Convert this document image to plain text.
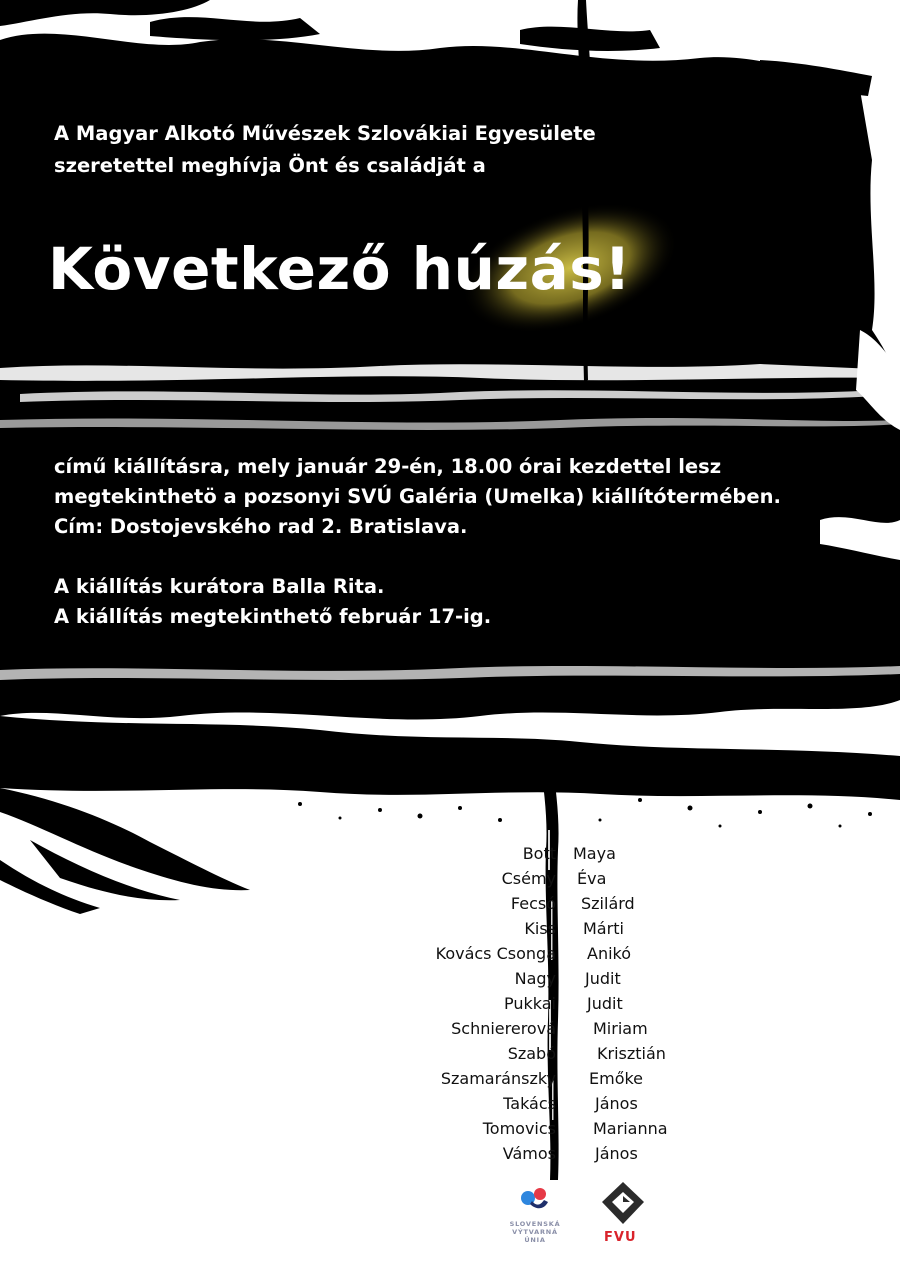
A Magyar Alkotó Művészek Szlovákiai Egyesülete
szeretettel meghívja Önt és családját a
Következő húzás!
című kiállításra, mely január 29-én, 18.00 órai kezdettel lesz
megtekinthetö a pozsonyi SVÚ Galéria (Umelka) kiállítótermében.
Cím: Dostojevského rad 2. Bratislava.
A kiállítás kurátora Balla Rita.
A kiállítás megtekinthető február 17-ig.
Kiállítók:
Bott Maya
Csémy Éva
Fecsó Szilárd
Kiss Márti
Kovács Csonga Anikó
Nagy Judit
Pukkai Judit
Schniererová Miriam
Szabó	Krisztián
Szamaránszky Emőke
Takács János
Tomovics Marianna
Vámos János
SLOVENSKÁ
VÝTVARNÁ
ÚNIA	FVU
